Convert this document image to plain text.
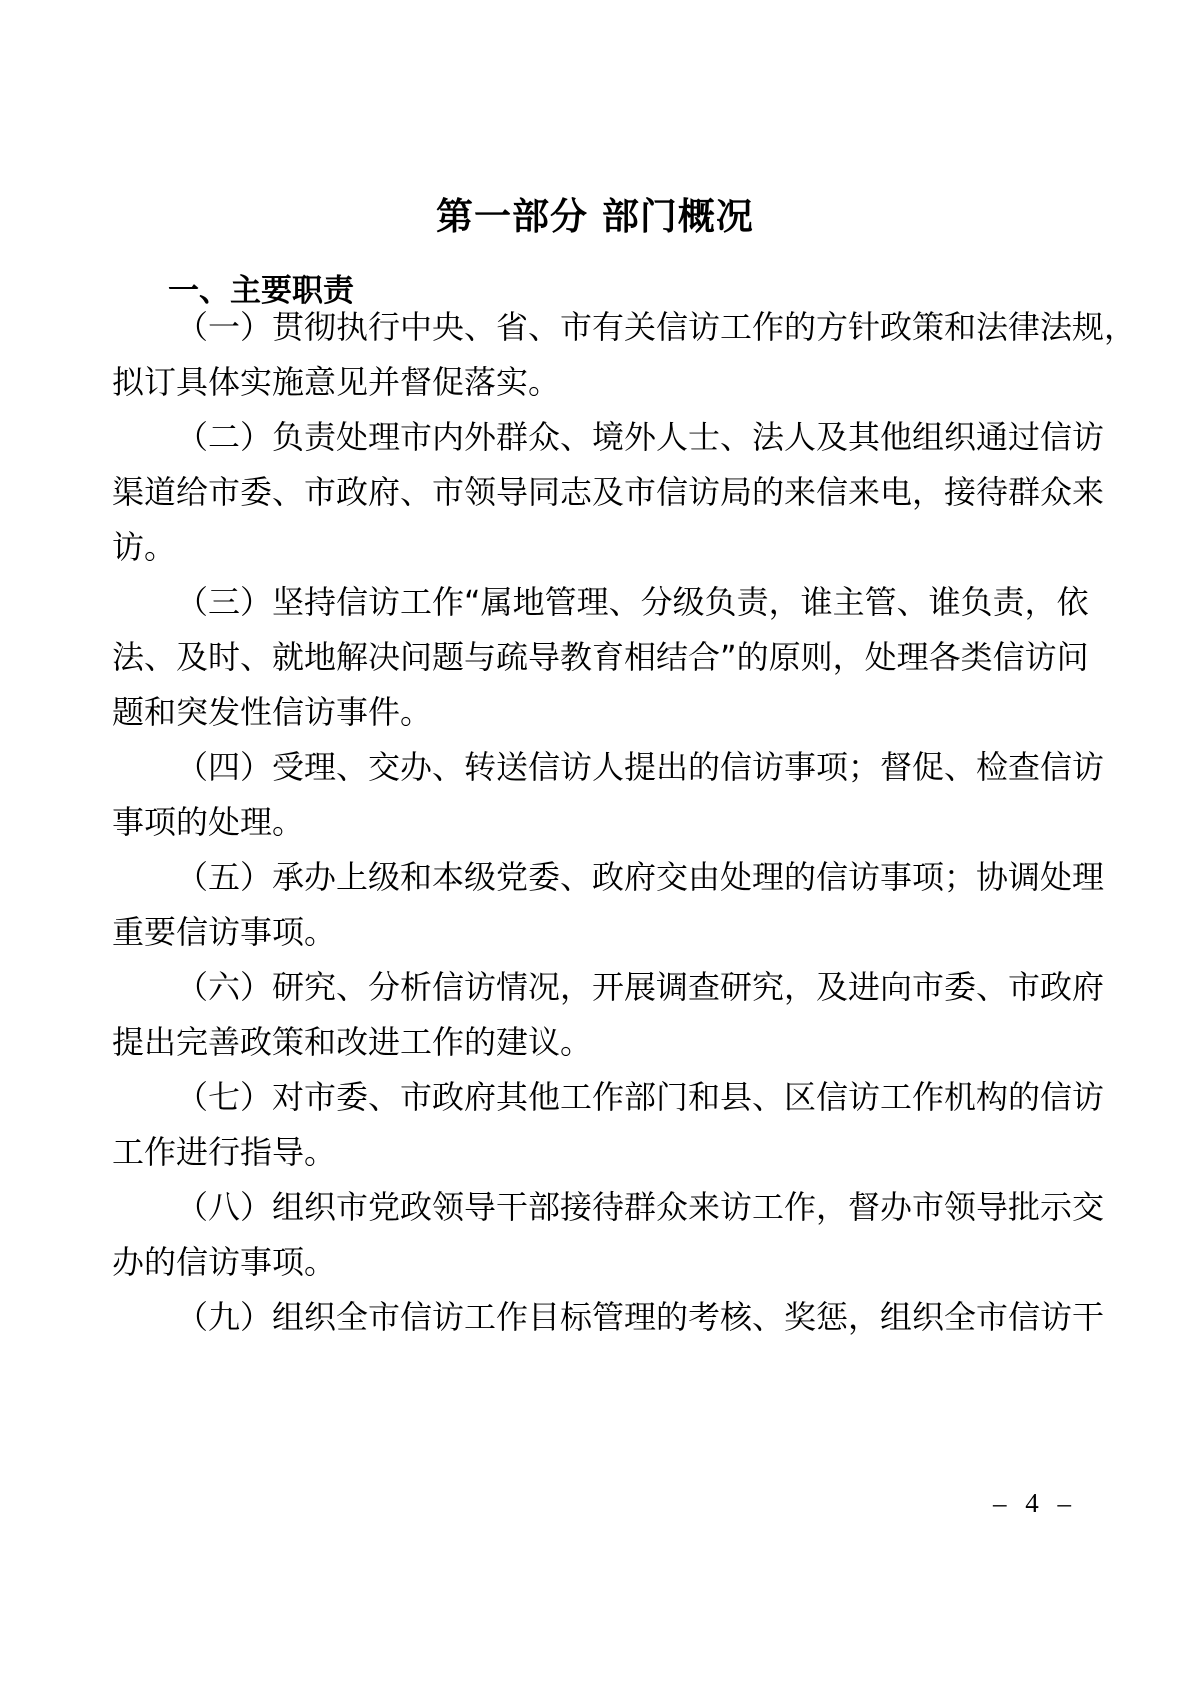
第一部分 部门概况
一、主要职责
（一）贯彻执行中央、省、市有关信访工作的方针政策和法律法规，
拟订具体实施意见并督促落实。
（二）负责处理市内外群众、境外人士、法人及其他组织通过信访
渠道给市委、市政府、市领导同志及市信访局的来信来电，接待群众来
访。
（三）坚持信访工作“属地管理、分级负责，谁主管、谁负责，依
法、及时、就地解决问题与疏导教育相结合”的原则，处理各类信访问
题和突发性信访事件。
（四）受理、交办、转送信访人提出的信访事项；督促、检查信访
事项的处理。
（五）承办上级和本级党委、政府交由处理的信访事项；协调处理
重要信访事项。
（六）研究、分析信访情况，开展调查研究，及进向市委、市政府
提出完善政策和改进工作的建议。
（七）对市委、市政府其他工作部门和县、区信访工作机构的信访
工作进行指导。
（八）组织市党政领导干部接待群众来访工作，督办市领导批示交
办的信访事项。
（九）组织全市信访工作目标管理的考核、奖惩，组织全市信访干
– 4 –
